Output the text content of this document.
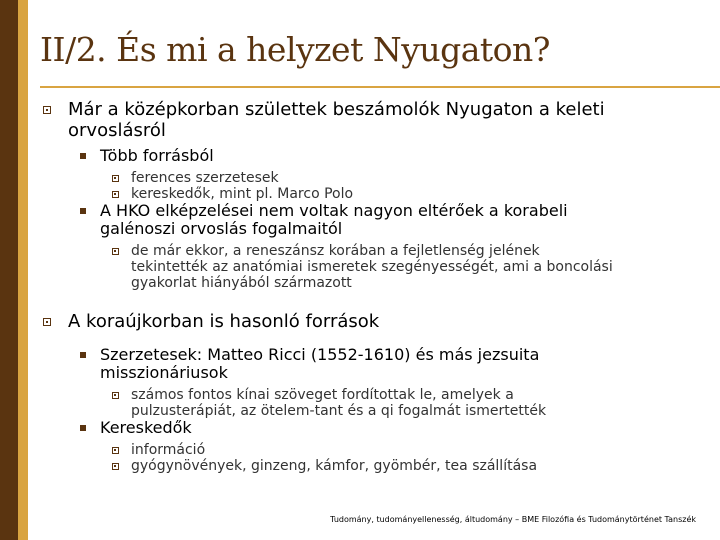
II/2. És mi a helyzet Nyugaton?
Már a középkorban születtek beszámolók Nyugaton a keleti
orvoslásról
Több forrásból
ferences szerzetesek
kereskedők, mint pl. Marco Polo
A HKO elképzelései nem voltak nagyon eltérőek a korabeli
galénoszi orvoslás fogalmaitól
de már ekkor, a reneszánsz korában a fejletlenség jelének
tekintették az anatómiai ismeretek szegényességét, ami a boncolási
gyakorlat hiányából származott
A koraújkorban is hasonló források
Szerzetesek: Matteo Ricci (1552-1610) és más jezsuita
misszionáriusok
számos fontos kínai szöveget fordítottak le, amelyek a
pulzusterápiát, az ötelem-tant és a qi fogalmát ismertették
Kereskedők
információ
gyógynövények, ginzeng, kámfor, gyömbér, tea szállítása
Tudomány, tudományellenesség, áltudomány – BME Filozófia és Tudománytörténet Tanszék
